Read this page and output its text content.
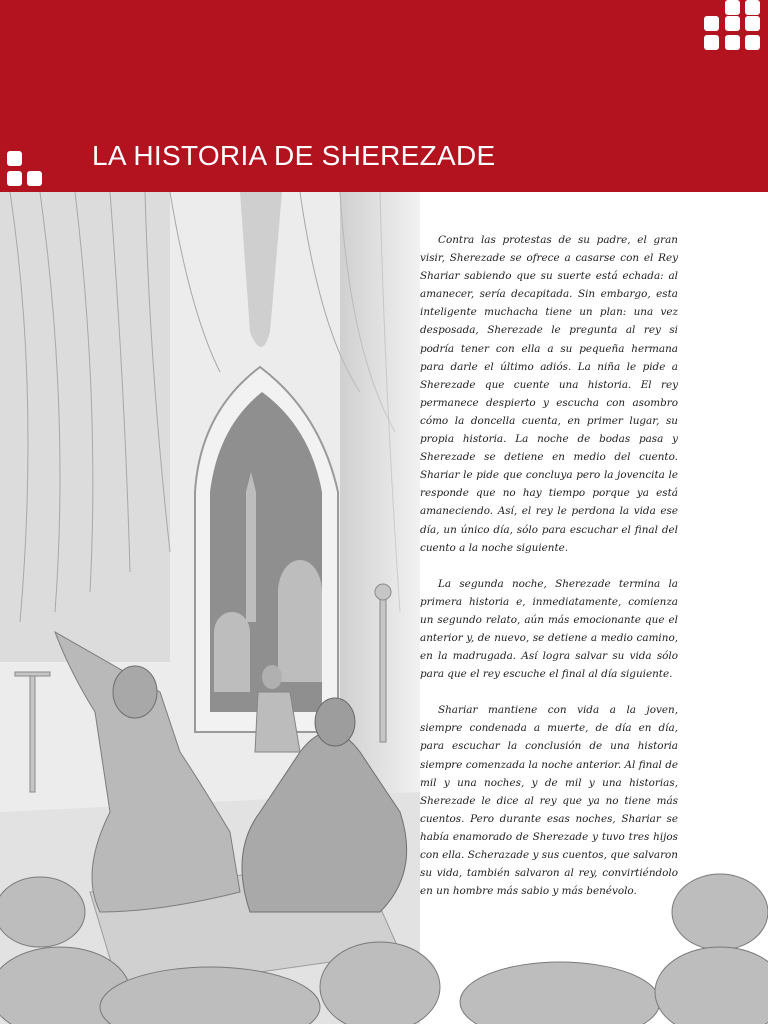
LA HISTORIA DE SHEREZADE

Contra las protestas de su padre, el gran visir, Sherezade se ofrece a casarse con el Rey Shariar sabiendo que su suerte está echada: al amanecer, sería decapitada. Sin embargo, esta inteligente muchacha tiene un plan: una vez desposada, Sherezade le pregunta al rey si podría tener con ella a su pequeña hermana para darle el último adiós. La niña le pide a Sherezade que cuente una historia. El rey permanece despierto y escucha con asombro cómo la doncella cuenta, en primer lugar, su propia historia. La noche de bodas pasa y Sherezade se detiene en medio del cuento. Shariar le pide que concluya pero la jovencita le responde que no hay tiempo porque ya está amaneciendo. Así, el rey le perdona la vida ese día, un único día, sólo para escuchar el final del cuento a la noche siguiente.

La segunda noche, Sherezade termina la primera historia e, inmediatamente, comienza un segundo relato, aún más emocionante que el anterior y, de nuevo, se detiene a medio camino, en la madrugada. Así logra salvar su vida sólo para que el rey escuche el final al día siguiente.

Shariar mantiene con vida a la joven, siempre condenada a muerte, de día en día, para escuchar la conclusión de una historia siempre comenzada la noche anterior. Al final de mil y una noches, y de mil y una historias, Sherezade le dice al rey que ya no tiene más cuentos. Pero durante esas noches, Shariar se había enamorado de Sherezade y tuvo tres hijos con ella. Scherazade y sus cuentos, que salvaron su vida, también salvaron al rey, convirtiéndolo en un hombre más sabio y más benévolo.
